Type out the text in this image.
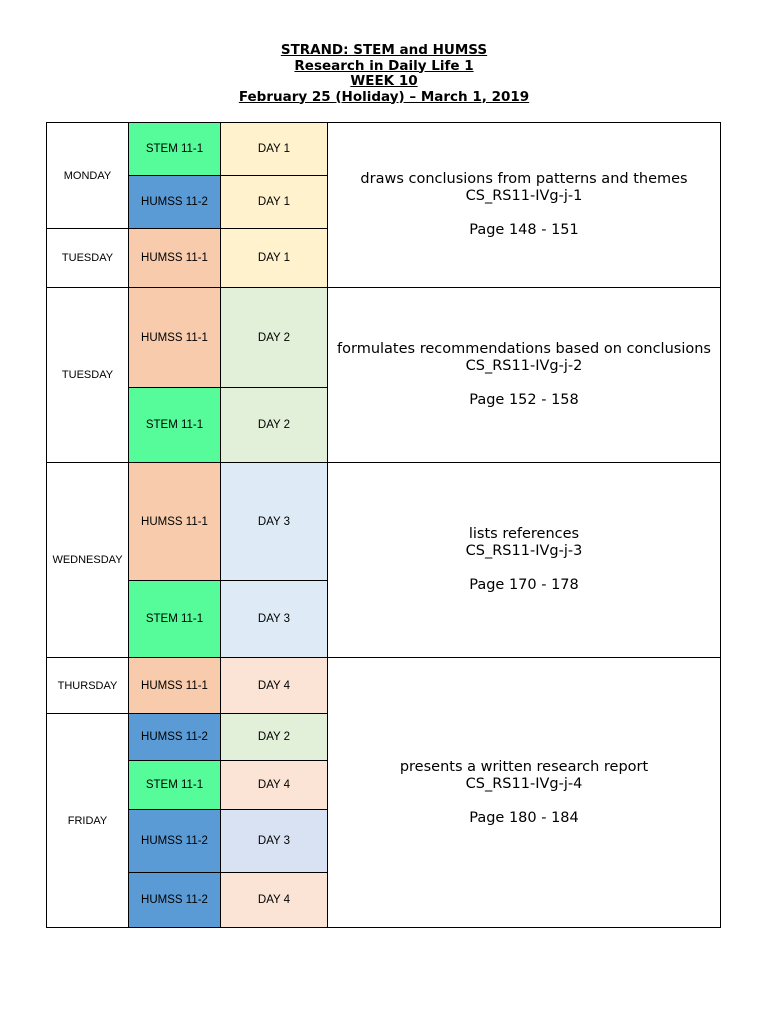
STRAND: STEM and HUMSS
Research in Daily Life 1
WEEK 10
February 25 (Holiday) – March 1, 2019
MONDAY	STEM 11-1	DAY 1	draws conclusions from patterns and themes

CS_RS11-IVg-j-1

Page 148 - 151

	HUMSS 11-2	DAY 1	
TUESDAY	HUMSS 11-1	DAY 1	
TUESDAY	HUMSS 11-1	DAY 2	formulates recommendations based on conclusions

CS_RS11-IVg-j-2

Page 152 - 158

	STEM 11-1	DAY 2	
WEDNESDAY	HUMSS 11-1	DAY 3	lists references

CS_RS11-IVg-j-3

Page 170 - 178

	STEM 11-1	DAY 3	
THURSDAY	HUMSS 11-1	DAY 4	presents a written research report

CS_RS11-IVg-j-4

Page 180 - 184

FRIDAY	HUMSS 11-2	DAY 2	
	STEM 11-1	DAY 4	
	HUMSS 11-2	DAY 3	
	HUMSS 11-2	DAY 4	
